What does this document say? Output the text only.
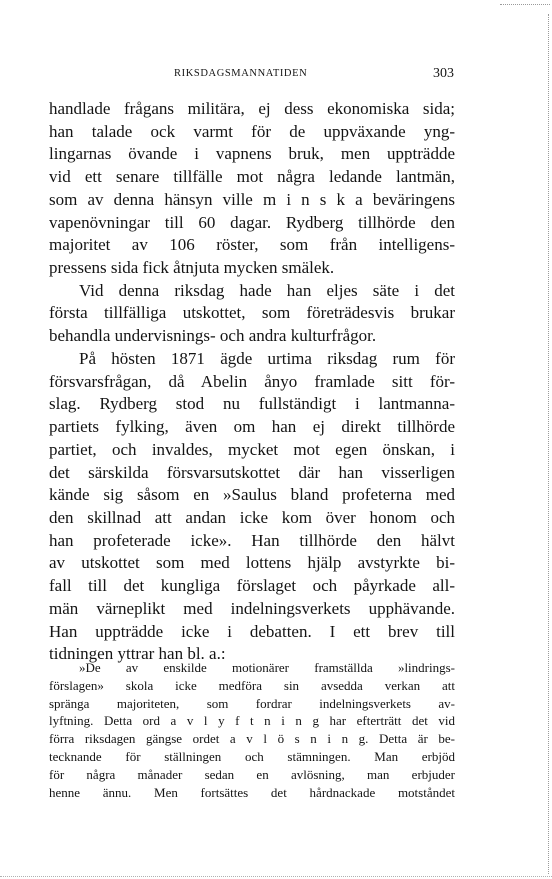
RIKSDAGSMANNATIDEN	303
handlade frågans militära, ej dess ekonomiska sida;
han talade ock varmt för de uppväxande yng-
lingarnas övande i vapnens bruk, men uppträdde
vid ett senare tillfälle mot några ledande lantmän,
som av denna hänsyn ville m i n s k a beväringens
vapenövningar till 60 dagar. Rydberg tillhörde den
majoritet av 106 röster, som från intelligens-
pressens sida fick åtnjuta mycken smälek.
Vid denna riksdag hade han eljes säte i det
första tillfälliga utskottet, som företrädesvis brukar
behandla undervisnings- och andra kulturfrågor.
På hösten 1871 ägde urtima riksdag rum för
försvarsfrågan, då Abelin ånyo framlade sitt för-
slag. Rydberg stod nu fullständigt i lantmanna-
partiets fylking, även om han ej direkt tillhörde
partiet, och invaldes, mycket mot egen önskan, i
det särskilda försvarsutskottet där han visserligen
kände sig såsom en »Saulus bland profeterna med
den skillnad att andan icke kom över honom och
han profeterade icke». Han tillhörde den hälvt
av utskottet som med lottens hjälp avstyrkte bi-
fall till det kungliga förslaget och påyrkade all-
män värneplikt med indelningsverkets upphävande.
Han uppträdde icke i debatten. I ett brev till
tidningen yttrar han bl. a.:
»De av enskilde motionärer framställda »lindrings-
förslagen» skola icke medföra sin avsedda verkan att
spränga majoriteten, som fordrar indelningsverkets av-
lyftning. Detta ord a v l y f t n i n g har efterträtt det vid
förra riksdagen gängse ordet a v l ö s n i n g. Detta är be-
tecknande för ställningen och stämningen. Man erbjöd
för några månader sedan en avlösning, man erbjuder
henne ännu. Men fortsättes det hårdnackade motståndet
